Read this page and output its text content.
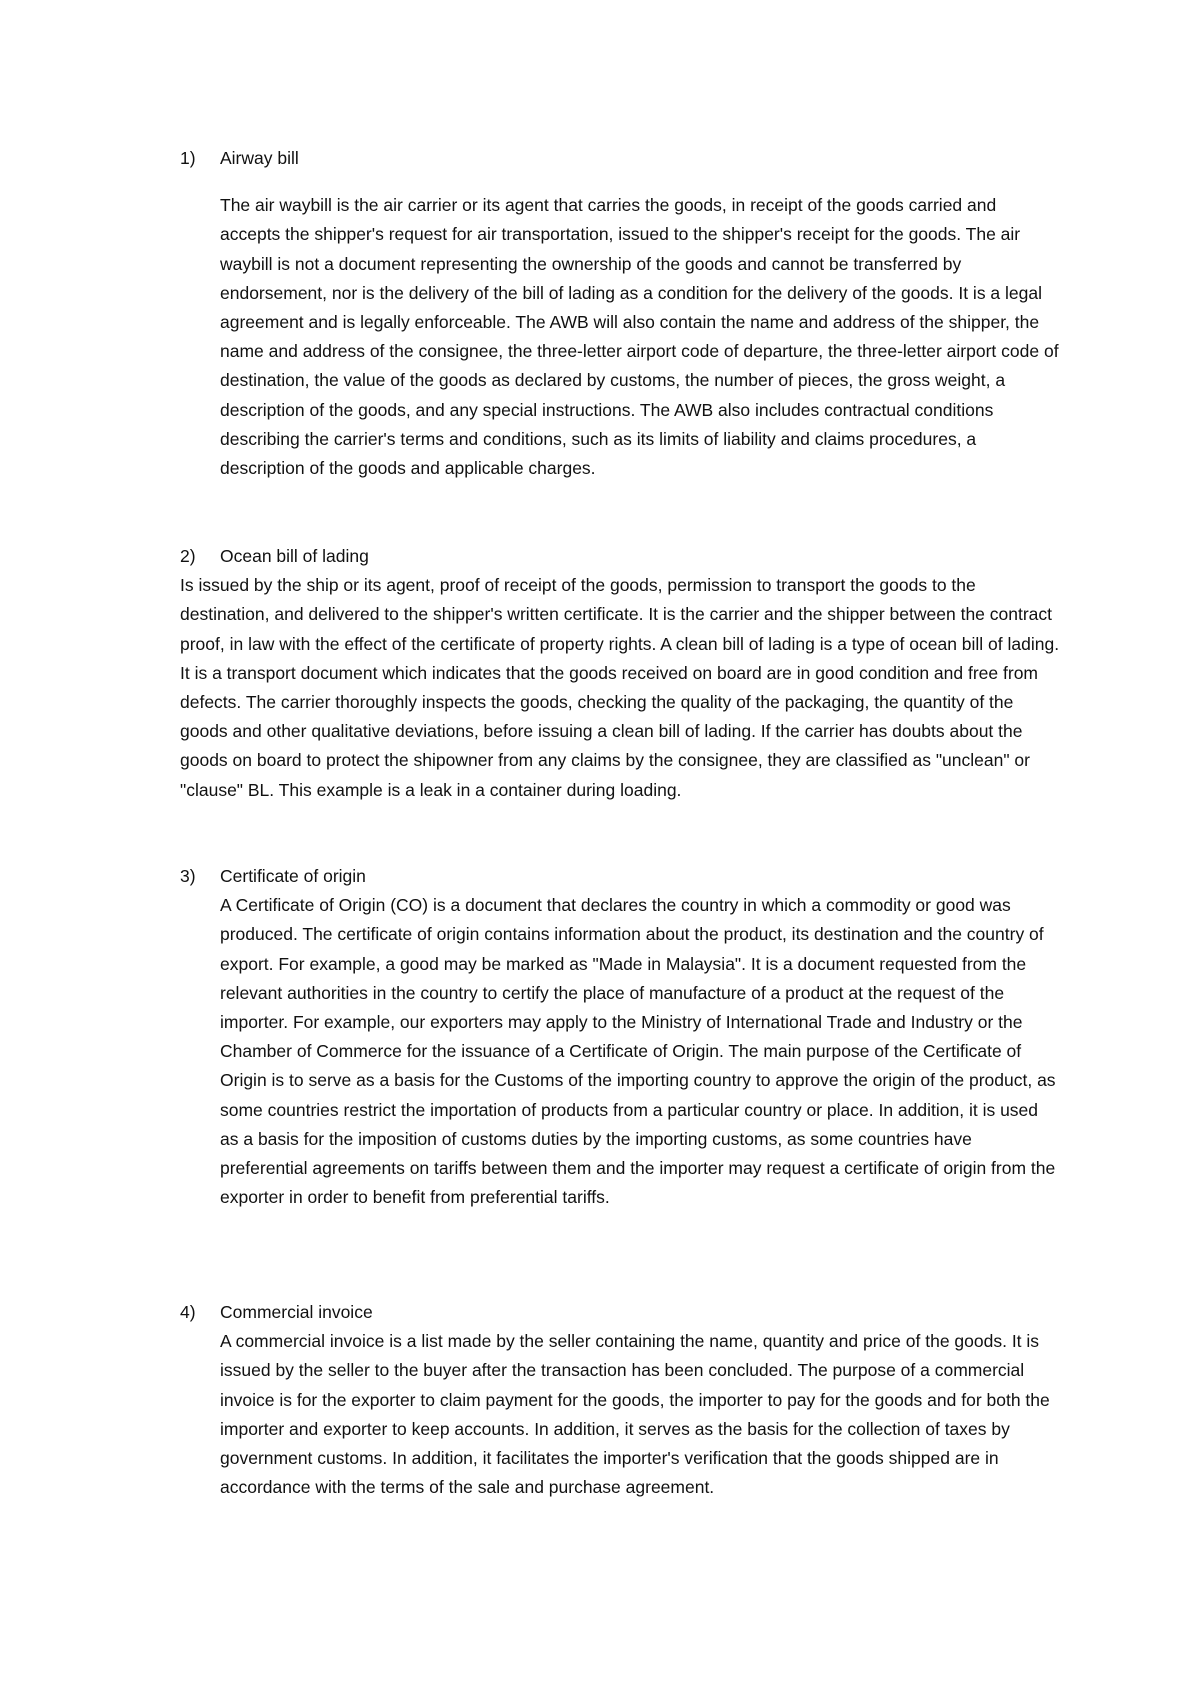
1) Airway bill

The air waybill is the air carrier or its agent that carries the goods, in receipt of the goods carried and accepts the shipper's request for air transportation, issued to the shipper's receipt for the goods. The air waybill is not a document representing the ownership of the goods and cannot be transferred by endorsement, nor is the delivery of the bill of lading as a condition for the delivery of the goods. It is a legal agreement and is legally enforceable. The AWB will also contain the name and address of the shipper, the name and address of the consignee, the three-letter airport code of departure, the three-letter airport code of destination, the value of the goods as declared by customs, the number of pieces, the gross weight, a description of the goods, and any special instructions. The AWB also includes contractual conditions describing the carrier's terms and conditions, such as its limits of liability and claims procedures, a description of the goods and applicable charges.

2) Ocean bill of lading

Is issued by the ship or its agent, proof of receipt of the goods, permission to transport the goods to the destination, and delivered to the shipper's written certificate. It is the carrier and the shipper between the contract proof, in law with the effect of the certificate of property rights. A clean bill of lading is a type of ocean bill of lading. It is a transport document which indicates that the goods received on board are in good condition and free from defects. The carrier thoroughly inspects the goods, checking the quality of the packaging, the quantity of the goods and other qualitative deviations, before issuing a clean bill of lading. If the carrier has doubts about the goods on board to protect the shipowner from any claims by the consignee, they are classified as "unclean" or "clause" BL. This example is a leak in a container during loading.

3) Certificate of origin

A Certificate of Origin (CO) is a document that declares the country in which a commodity or good was produced. The certificate of origin contains information about the product, its destination and the country of export. For example, a good may be marked as "Made in Malaysia". It is a document requested from the relevant authorities in the country to certify the place of manufacture of a product at the request of the importer. For example, our exporters may apply to the Ministry of International Trade and Industry or the Chamber of Commerce for the issuance of a Certificate of Origin. The main purpose of the Certificate of Origin is to serve as a basis for the Customs of the importing country to approve the origin of the product, as some countries restrict the importation of products from a particular country or place. In addition, it is used as a basis for the imposition of customs duties by the importing customs, as some countries have preferential agreements on tariffs between them and the importer may request a certificate of origin from the exporter in order to benefit from preferential tariffs.

4) Commercial invoice

A commercial invoice is a list made by the seller containing the name, quantity and price of the goods. It is issued by the seller to the buyer after the transaction has been concluded. The purpose of a commercial invoice is for the exporter to claim payment for the goods, the importer to pay for the goods and for both the importer and exporter to keep accounts. In addition, it serves as the basis for the collection of taxes by government customs. In addition, it facilitates the importer's verification that the goods shipped are in accordance with the terms of the sale and purchase agreement.
